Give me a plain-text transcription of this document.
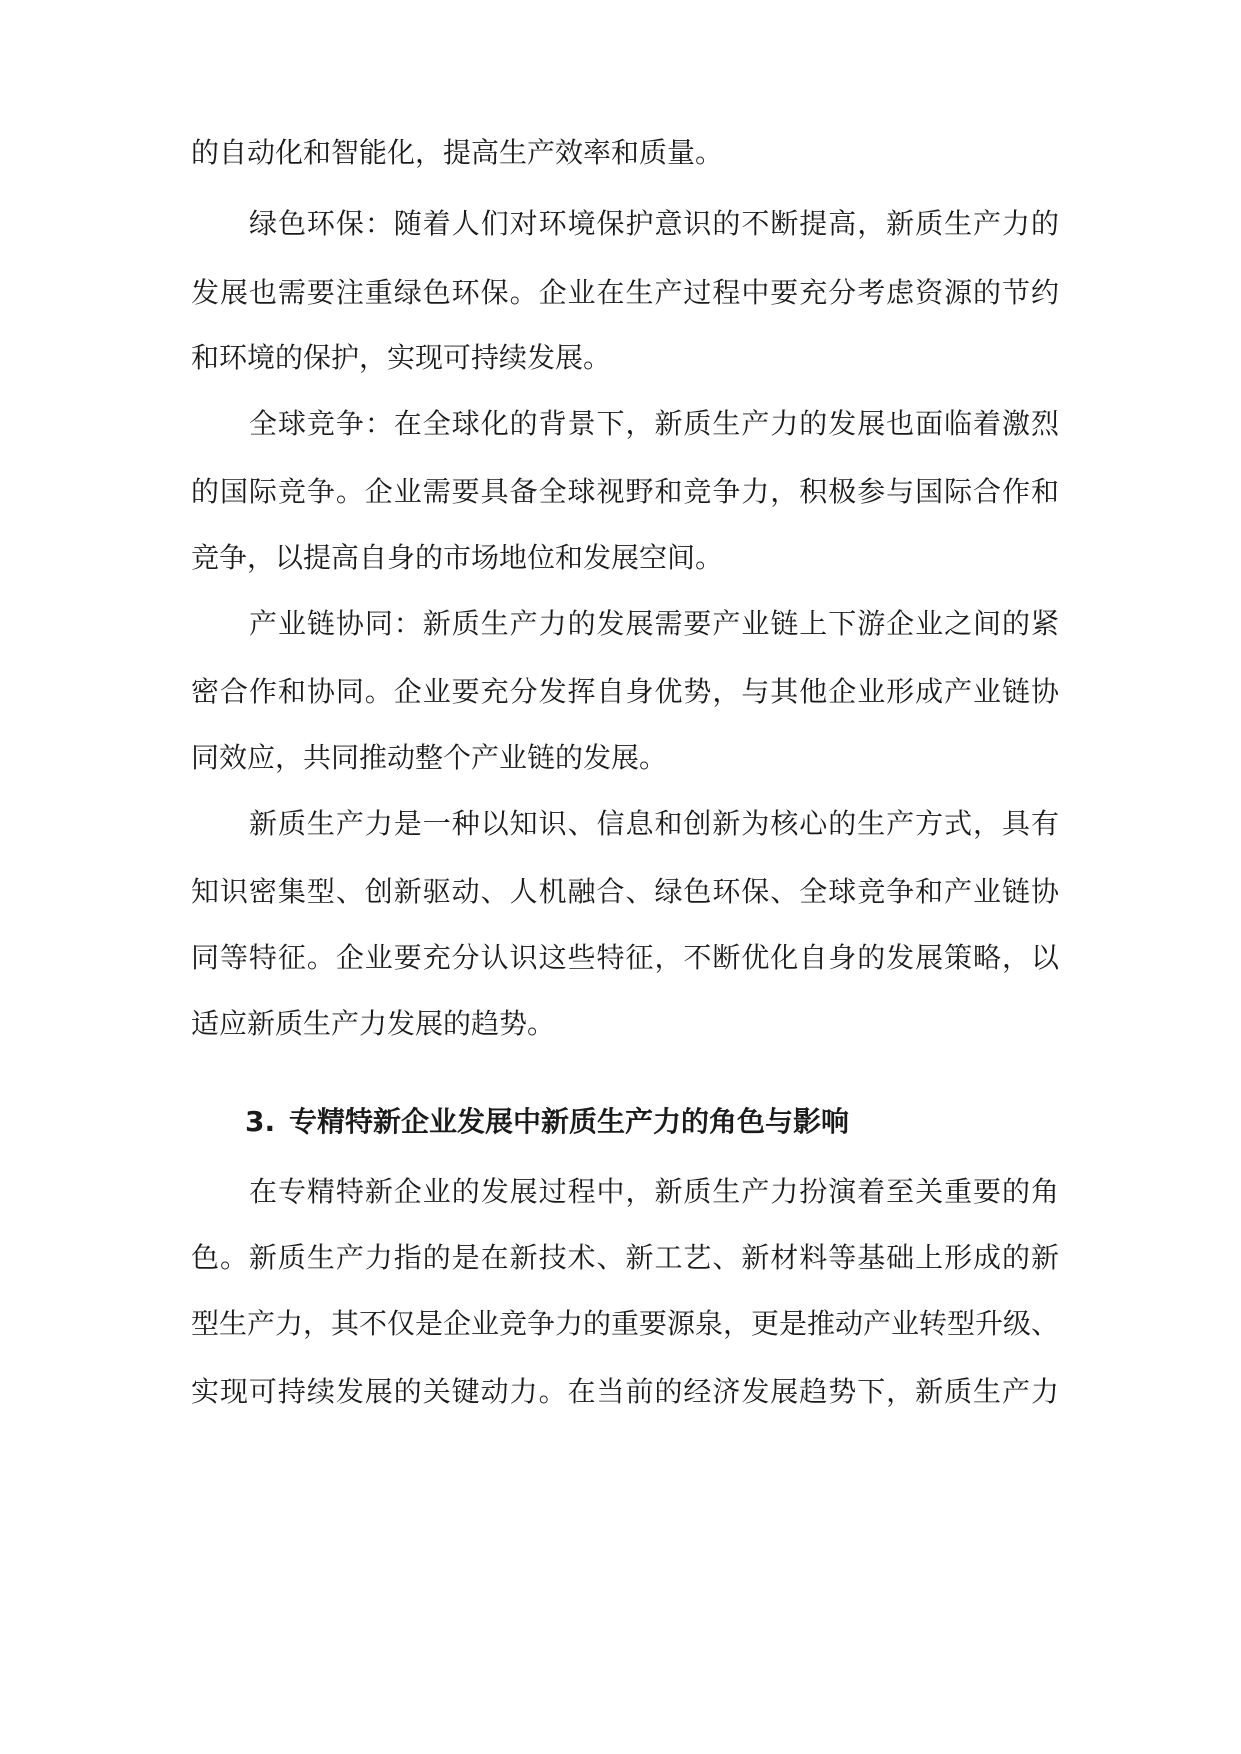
的自动化和智能化，提高生产效率和质量。
绿色环保：随着人们对环境保护意识的不断提高，新质生产力的
发展也需要注重绿色环保。企业在生产过程中要充分考虑资源的节约
和环境的保护，实现可持续发展。
全球竞争：在全球化的背景下，新质生产力的发展也面临着激烈
的国际竞争。企业需要具备全球视野和竞争力，积极参与国际合作和
竞争，以提高自身的市场地位和发展空间。
产业链协同：新质生产力的发展需要产业链上下游企业之间的紧
密合作和协同。企业要充分发挥自身优势，与其他企业形成产业链协
同效应，共同推动整个产业链的发展。
新质生产力是一种以知识、信息和创新为核心的生产方式，具有
知识密集型、创新驱动、人机融合、绿色环保、全球竞争和产业链协
同等特征。企业要充分认识这些特征，不断优化自身的发展策略，以
适应新质生产力发展的趋势。
3. 专精特新企业发展中新质生产力的角色与影响
在专精特新企业的发展过程中，新质生产力扮演着至关重要的角
色。新质生产力指的是在新技术、新工艺、新材料等基础上形成的新
型生产力，其不仅是企业竞争力的重要源泉，更是推动产业转型升级、
实现可持续发展的关键动力。在当前的经济发展趋势下，新质生产力
